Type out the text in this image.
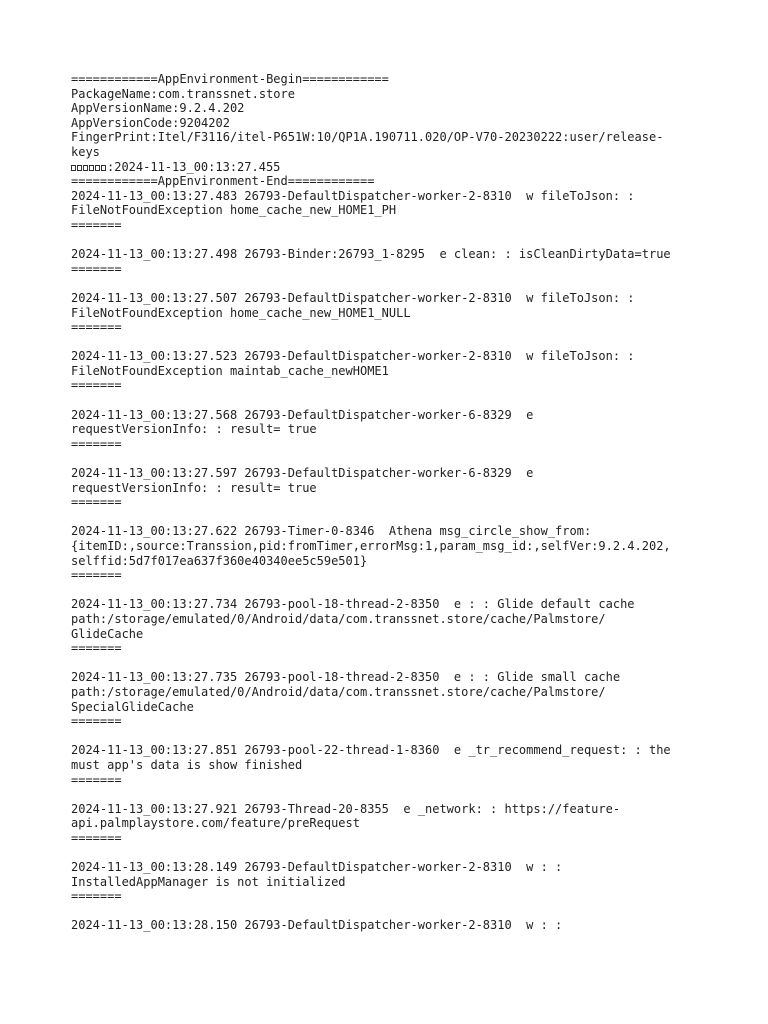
============AppEnvironment-Begin============
PackageName:com.transsnet.store
AppVersionName:9.2.4.202
AppVersionCode:9204202
FingerPrint:Itel/F3116/itel-P651W:10/QP1A.190711.020/OP-V70-20230222:user/release-
keys
:2024-11-13_00:13:27.455
============AppEnvironment-End============
2024-11-13_00:13:27.483 26793-DefaultDispatcher-worker-2-8310  w fileToJson: :
FileNotFoundException home_cache_new_HOME1_PH
=======
2024-11-13_00:13:27.498 26793-Binder:26793_1-8295  e clean: : isCleanDirtyData=true
=======
2024-11-13_00:13:27.507 26793-DefaultDispatcher-worker-2-8310  w fileToJson: :
FileNotFoundException home_cache_new_HOME1_NULL
=======
2024-11-13_00:13:27.523 26793-DefaultDispatcher-worker-2-8310  w fileToJson: :
FileNotFoundException maintab_cache_newHOME1
=======
2024-11-13_00:13:27.568 26793-DefaultDispatcher-worker-6-8329  e
requestVersionInfo: : result= true
=======
2024-11-13_00:13:27.597 26793-DefaultDispatcher-worker-6-8329  e
requestVersionInfo: : result= true
=======
2024-11-13_00:13:27.622 26793-Timer-0-8346  Athena msg_circle_show_from:
{itemID:,source:Transsion,pid:fromTimer,errorMsg:1,param_msg_id:,selfVer:9.2.4.202,
selffid:5d7f017ea637f360e40340ee5c59e501}
=======
2024-11-13_00:13:27.734 26793-pool-18-thread-2-8350  e : : Glide default cache
path:/storage/emulated/0/Android/data/com.transsnet.store/cache/Palmstore/
GlideCache
=======
2024-11-13_00:13:27.735 26793-pool-18-thread-2-8350  e : : Glide small cache
path:/storage/emulated/0/Android/data/com.transsnet.store/cache/Palmstore/
SpecialGlideCache
=======
2024-11-13_00:13:27.851 26793-pool-22-thread-1-8360  e _tr_recommend_request: : the
must app's data is show finished
=======
2024-11-13_00:13:27.921 26793-Thread-20-8355  e _network: : https://feature-
api.palmplaystore.com/feature/preRequest
=======
2024-11-13_00:13:28.149 26793-DefaultDispatcher-worker-2-8310  w : :
InstalledAppManager is not initialized
=======
2024-11-13_00:13:28.150 26793-DefaultDispatcher-worker-2-8310  w : :
